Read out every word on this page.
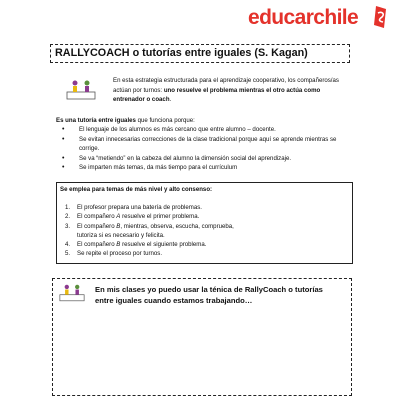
educarchile
RALLYCOACH o tutorías entre iguales (S. Kagan)
En esta estrategia estructurada para el aprendizaje cooperativo, los compañeros/as actúan por turnos: uno resuelve el problema mientras el otro actúa como entrenador o coach.
Es una tutoría entre iguales que funciona porque:
• El lenguaje de los alumnos es más cercano que entre alumno – docente.
• Se evitan innecesarias correcciones de la clase tradicional porque aquí se aprende mientras se corrige.
• Se va “metiendo” en la cabeza del alumno la dimensión social del aprendizaje.
• Se imparten más temas, da más tiempo para el currículum
Se emplea para temas de más nivel y alto consenso:
1. El profesor prepara una batería de problemas.
2. El compañero A resuelve el primer problema.
3. El compañero B, mientras, observa, escucha, comprueba,
tutoriza si es necesario y felicita.
4. El compañero B resuelve el siguiente problema.
5. Se repite el proceso por turnos.
En mis clases yo puedo usar la ténica de RallyCoach o tutorías entre iguales cuando estamos trabajando…
